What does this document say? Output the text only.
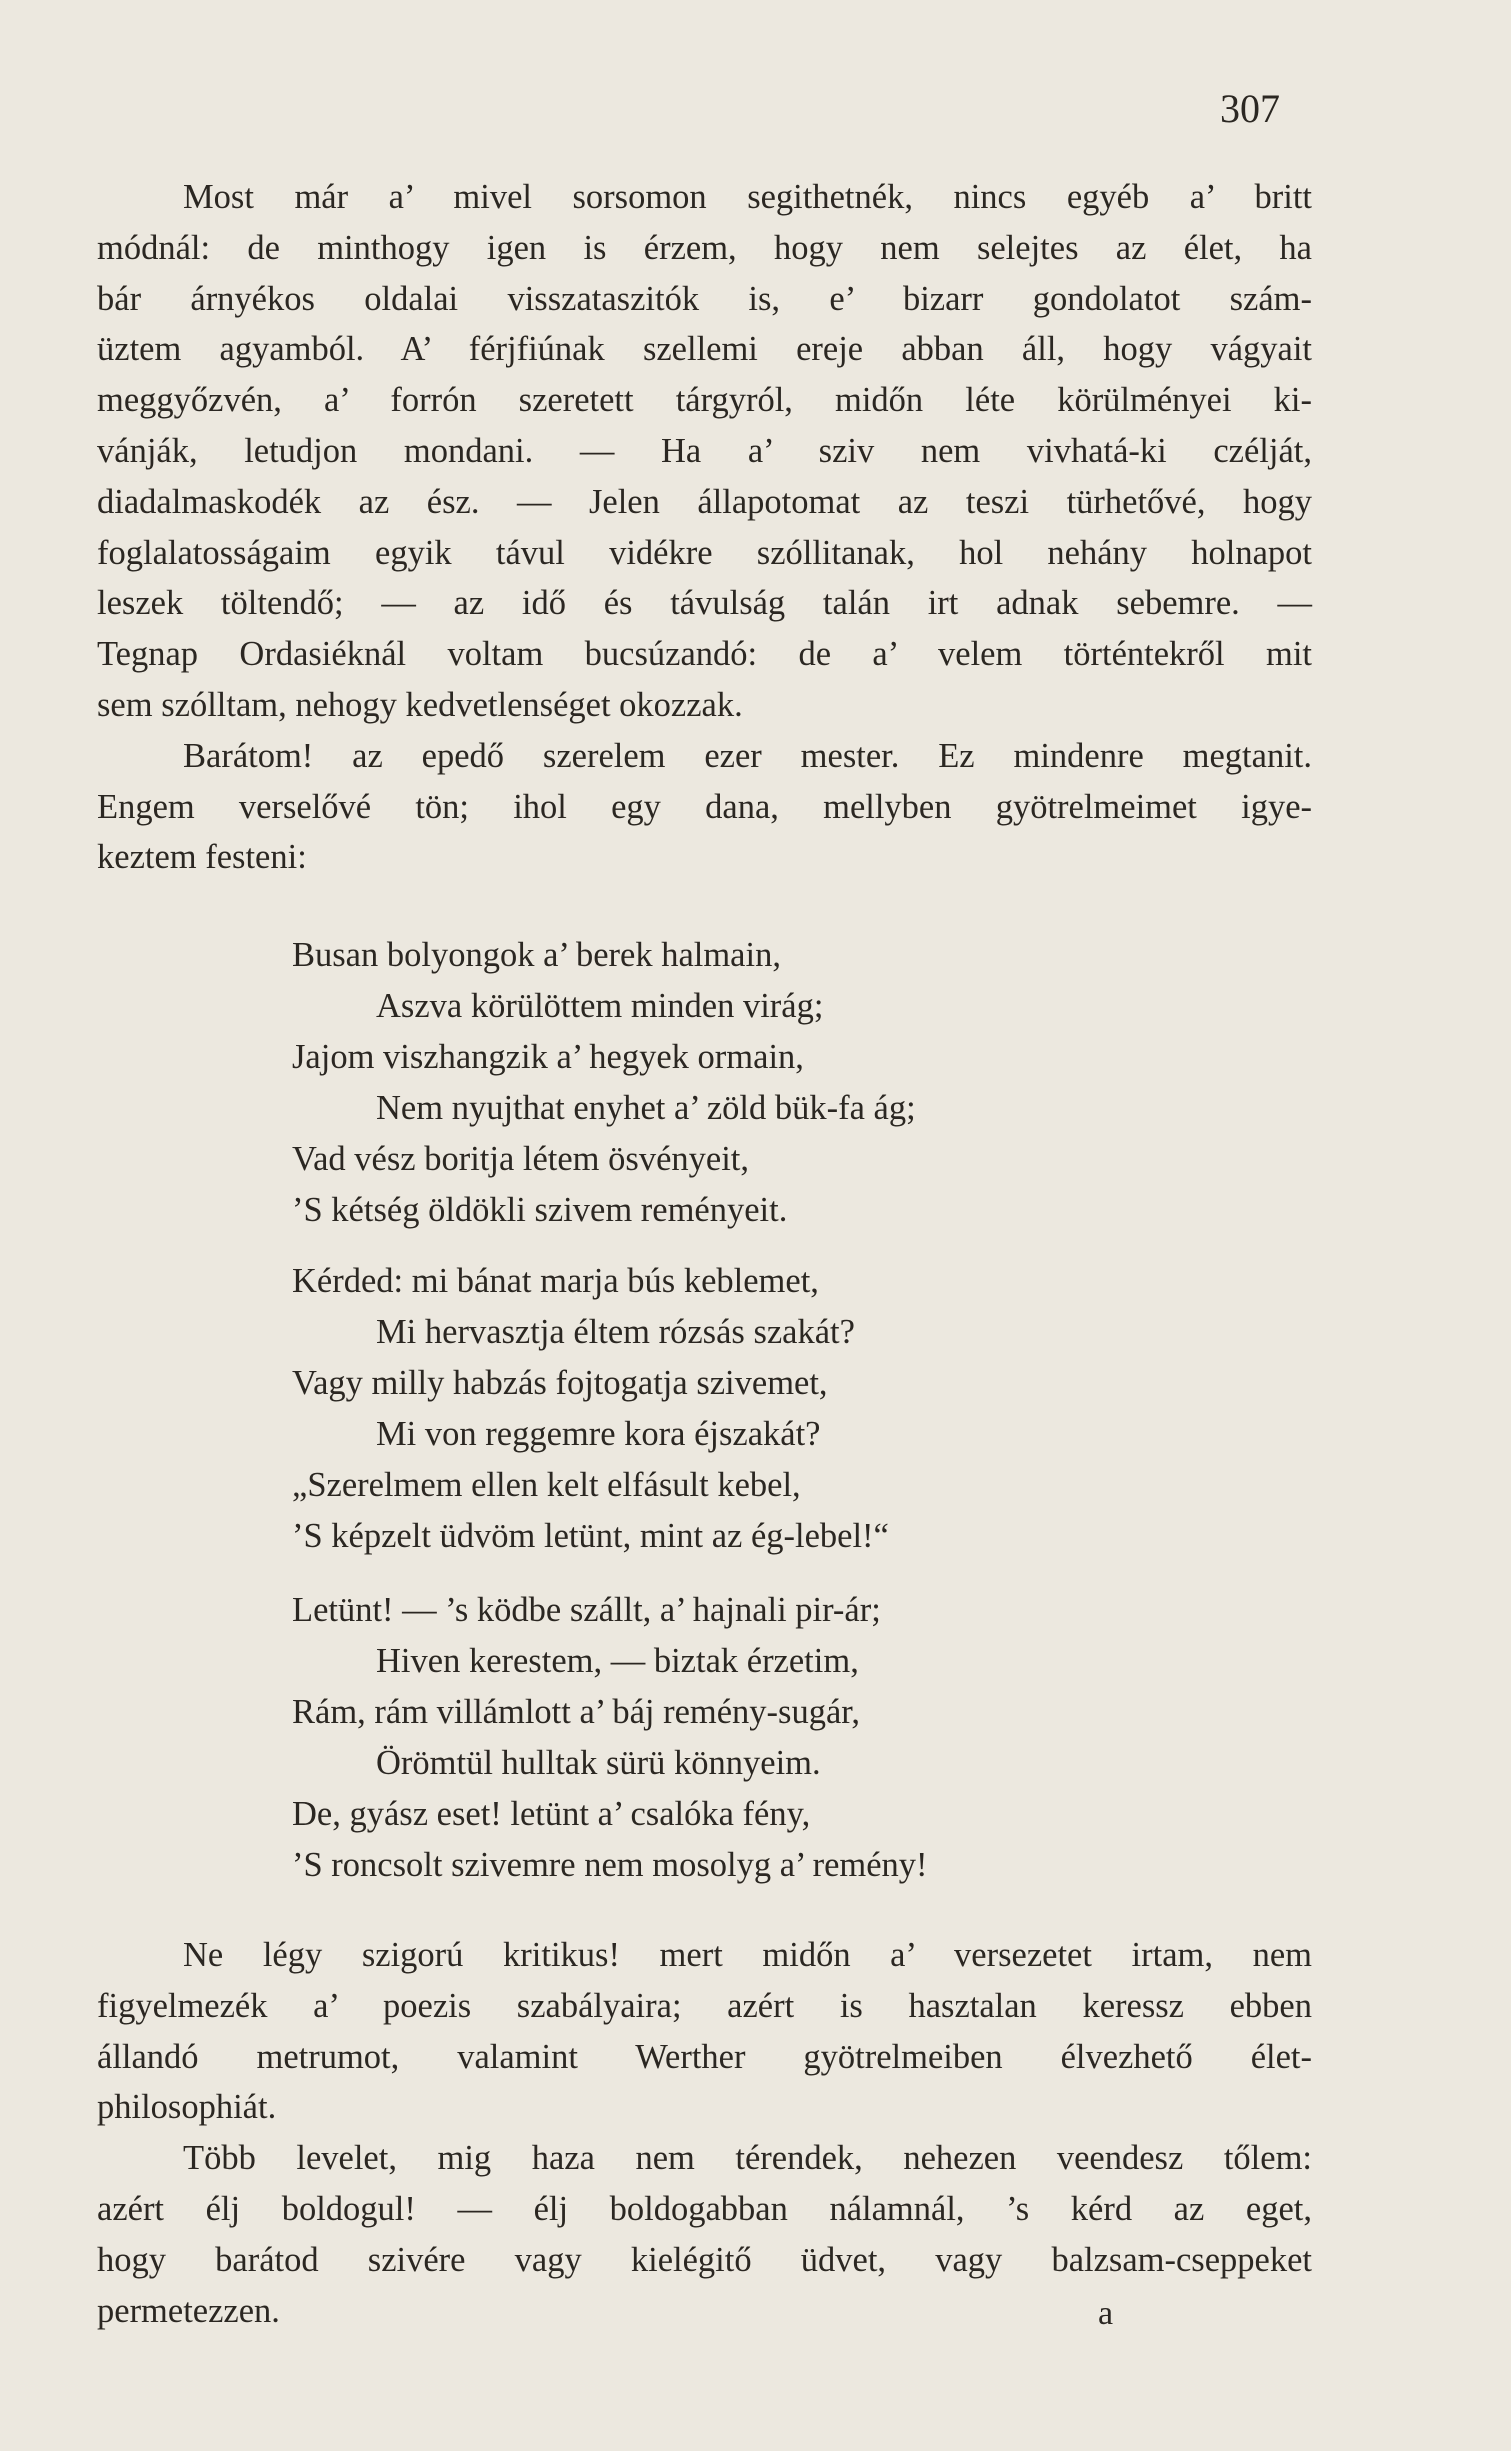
307
Most már a’ mivel sorsomon segithetnék, nincs egyéb a’ britt
módnál: de minthogy igen is érzem, hogy nem selejtes az élet, ha
bár árnyékos oldalai visszataszitók is, e’ bizarr gondolatot szám-
üztem agyamból. A’ férjfiúnak szellemi ereje abban áll, hogy vágyait
meggyőzvén, a’ forrón szeretett tárgyról, midőn léte körülményei ki-
vánják, letudjon mondani. — Ha a’ sziv nem vivhatá-ki czélját,
diadalmaskodék az ész. — Jelen állapotomat az teszi türhetővé, hogy
foglalatosságaim egyik távul vidékre szóllitanak, hol nehány holnapot
leszek töltendő; — az idő és távulság talán irt adnak sebemre. —
Tegnap Ordasiéknál voltam bucsúzandó: de a’ velem történtekről mit
sem szólltam, nehogy kedvetlenséget okozzak.
Barátom! az epedő szerelem ezer mester. Ez mindenre megtanit.
Engem verselővé tön; ihol egy dana, mellyben gyötrelmeimet igye-
keztem festeni:
Busan bolyongok a’ berek halmain,
Aszva körülöttem minden virág;
Jajom viszhangzik a’ hegyek ormain,
Nem nyujthat enyhet a’ zöld bük-fa ág;
Vad vész boritja létem ösvényeit,
’S kétség öldökli szivem reményeit.
Kérded: mi bánat marja bús keblemet,
Mi hervasztja éltem rózsás szakát?
Vagy milly habzás fojtogatja szivemet,
Mi von reggemre kora éjszakát?
„Szerelmem ellen kelt elfásult kebel,
’S képzelt üdvöm letünt, mint az ég-lebel!“
Letünt! — ’s ködbe szállt, a’ hajnali pir-ár;
Hiven kerestem, — biztak érzetim,
Rám, rám villámlott a’ báj remény-sugár,
Örömtül hulltak sürü könnyeim.
De, gyász eset! letünt a’ csalóka fény,
’S roncsolt szivemre nem mosolyg a’ remény!
Ne légy szigorú kritikus! mert midőn a’ versezetet irtam, nem
figyelmezék a’ poezis szabályaira; azért is hasztalan keressz ebben
állandó metrumot, valamint Werther gyötrelmeiben élvezhető élet-
philosophiát.
Több levelet, mig haza nem térendek, nehezen veendesz tőlem:
azért élj boldogul! — élj boldogabban nálamnál, ’s kérd az eget,
hogy barátod szivére vagy kielégitő üdvet, vagy balzsam-cseppeket
permetezzen.	a
